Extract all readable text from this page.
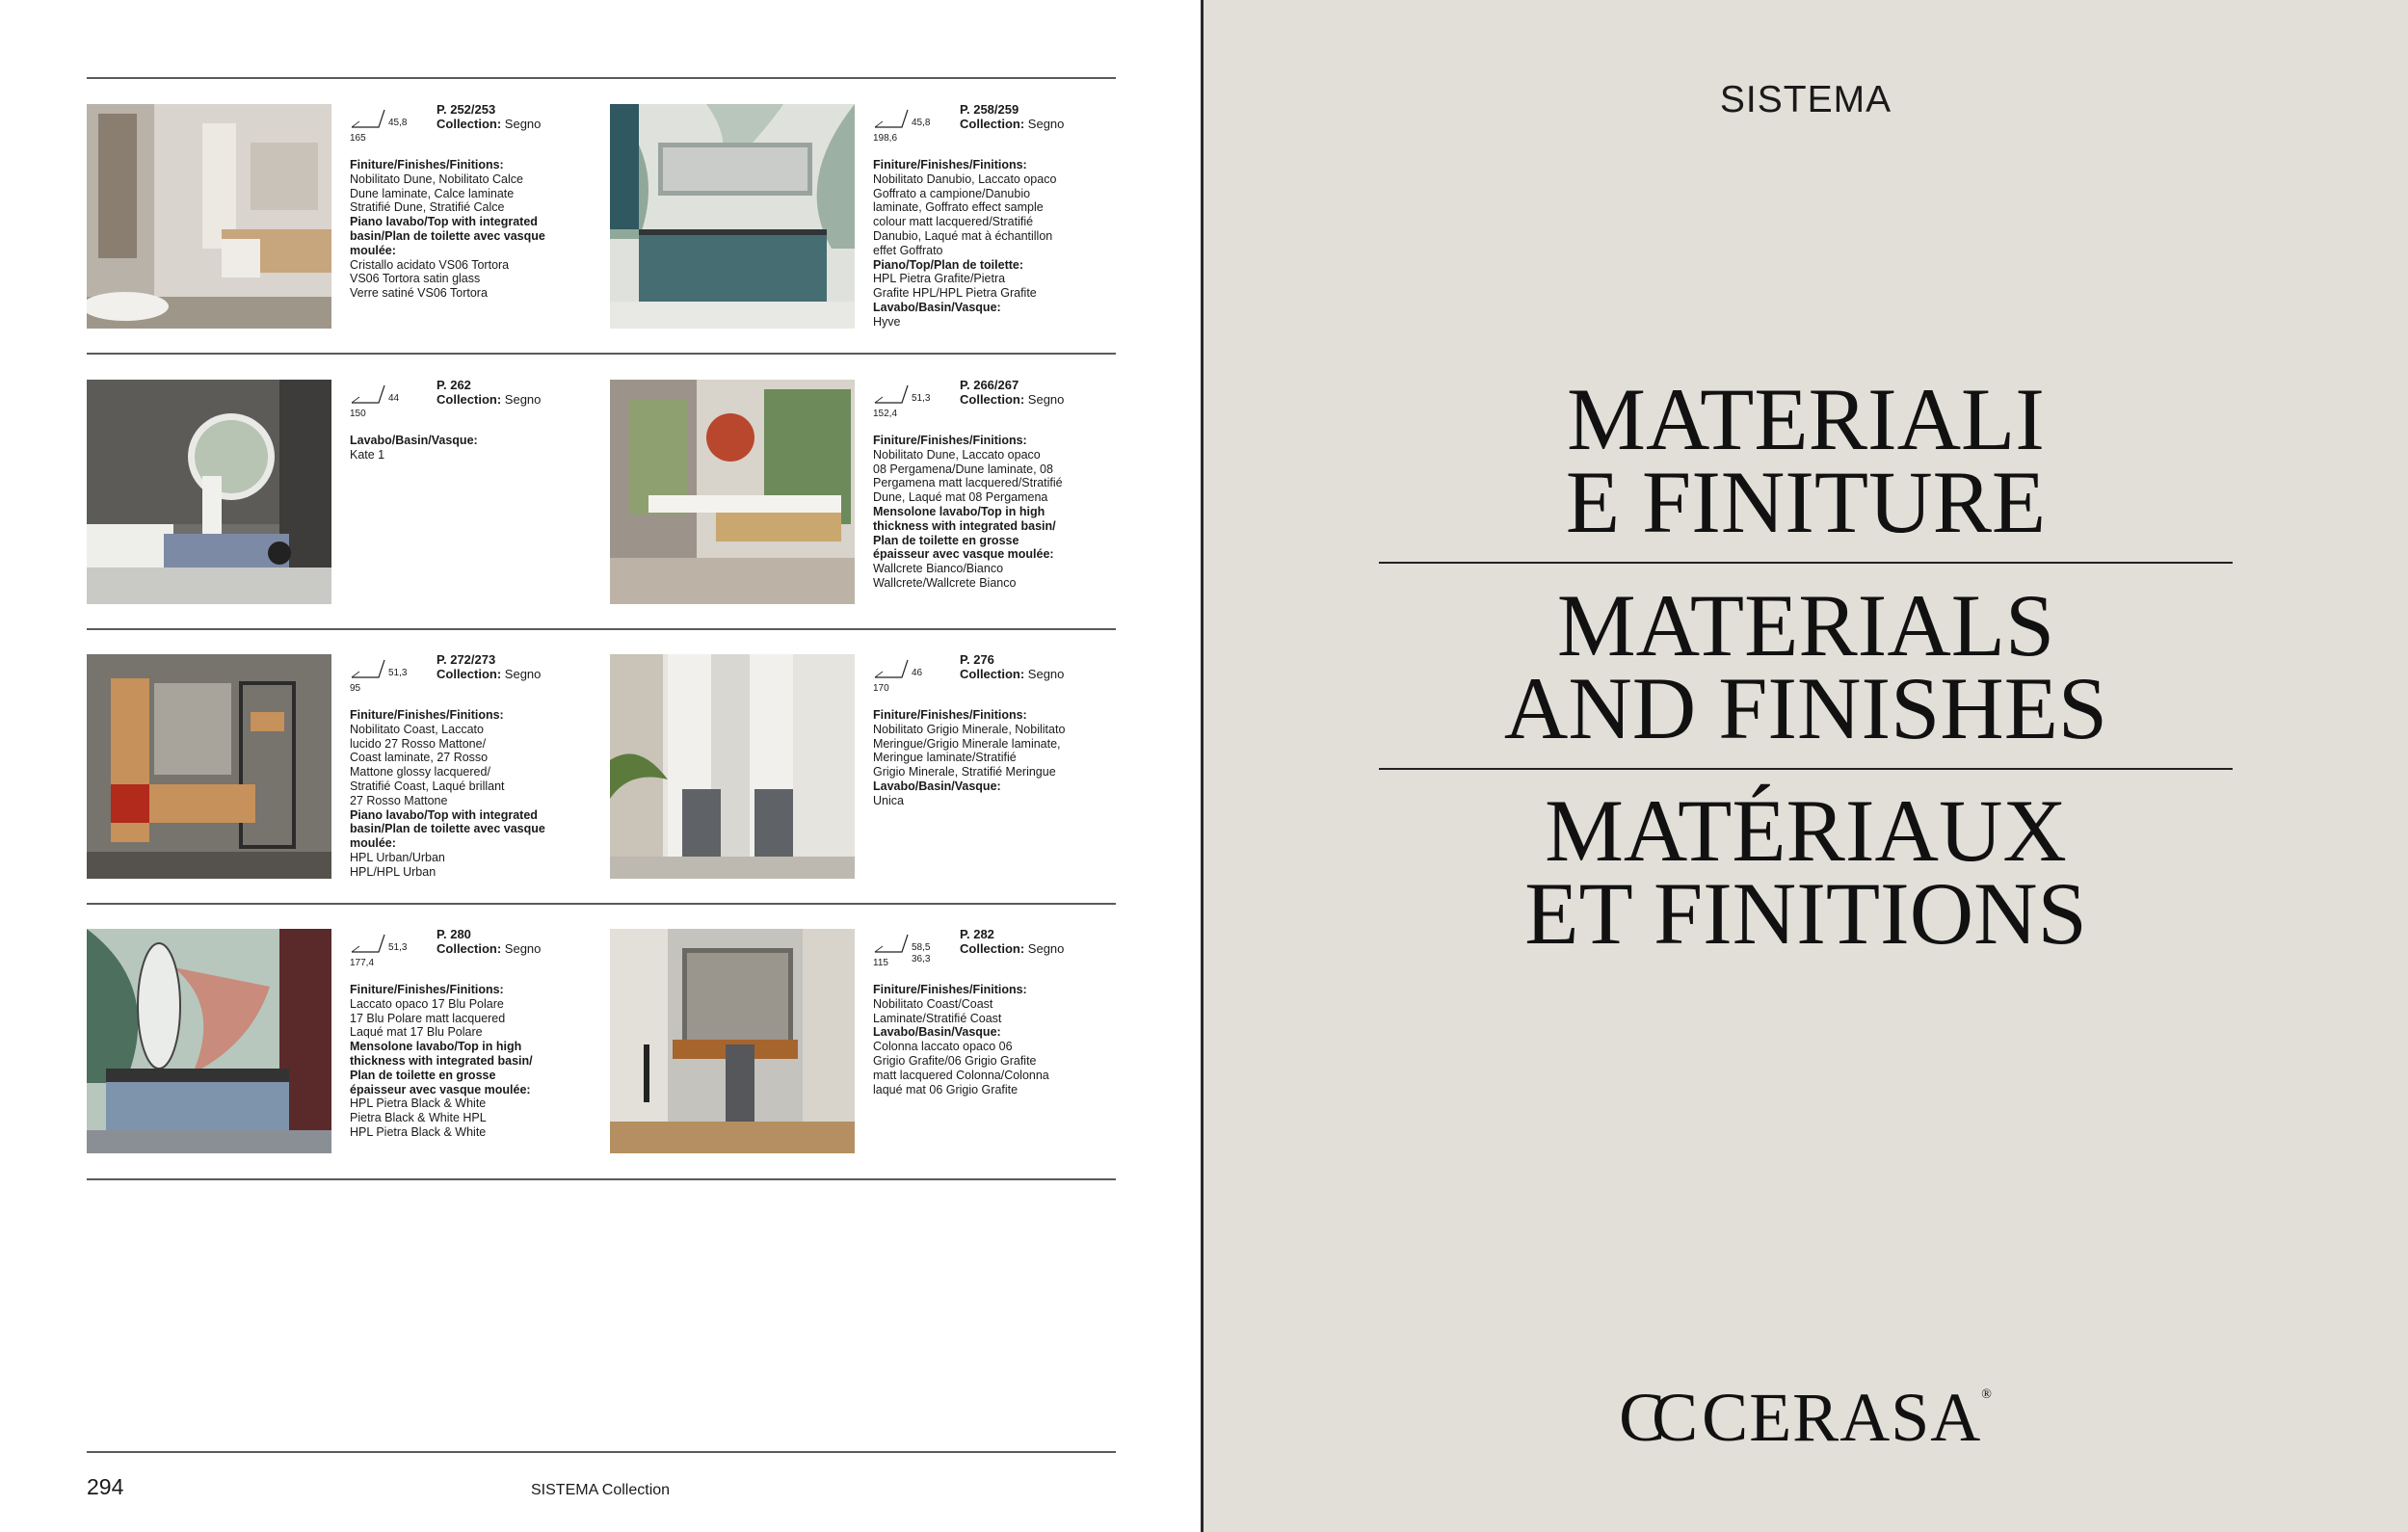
45,8
165
P. 252/253
Collection: Segno
Finiture/Finishes/Finitions:
Nobilitato Dune, Nobilitato Calce
Dune laminate, Calce laminate
Stratifié Dune, Stratifié Calce
Piano lavabo/Top with integrated
basin/Plan de toilette avec vasque
moulée:
Cristallo acidato VS06 Tortora
VS06 Tortora satin glass
Verre satiné VS06 Tortora
45,8
198,6
P. 258/259
Collection: Segno
Finiture/Finishes/Finitions:
Nobilitato Danubio, Laccato opaco
Goffrato a campione/Danubio
laminate, Goffrato effect sample
colour matt lacquered/Stratifié
Danubio, Laqué mat à échantillon
effet Goffrato
Piano/Top/Plan de toilette:
HPL Pietra Grafite/Pietra
Grafite HPL/HPL Pietra Grafite
Lavabo/Basin/Vasque:
Hyve
44
150
P. 262
Collection: Segno
Lavabo/Basin/Vasque:
Kate 1
51,3
152,4
P. 266/267
Collection: Segno
Finiture/Finishes/Finitions:
Nobilitato Dune, Laccato opaco
08 Pergamena/Dune laminate, 08
Pergamena matt lacquered/Stratifié
Dune, Laqué mat 08 Pergamena
Mensolone lavabo/Top in high
thickness with integrated basin/
Plan de toilette en grosse
épaisseur avec vasque moulée:
Wallcrete Bianco/Bianco
Wallcrete/Wallcrete Bianco
51,3
95
P. 272/273
Collection: Segno
Finiture/Finishes/Finitions:
Nobilitato Coast, Laccato
lucido 27 Rosso Mattone/
Coast laminate, 27 Rosso
Mattone glossy lacquered/
Stratifié Coast, Laqué brillant
27 Rosso Mattone
Piano lavabo/Top with integrated
basin/Plan de toilette avec vasque
moulée:
HPL Urban/Urban
HPL/HPL Urban
46
170
P. 276
Collection: Segno
Finiture/Finishes/Finitions:
Nobilitato Grigio Minerale, Nobilitato
Meringue/Grigio Minerale laminate,
Meringue laminate/Stratifié
Grigio Minerale, Stratifié Meringue
Lavabo/Basin/Vasque:
Unica
51,3
177,4
P. 280
Collection: Segno
Finiture/Finishes/Finitions:
Laccato opaco 17 Blu Polare
17 Blu Polare matt lacquered
Laqué mat 17 Blu Polare
Mensolone lavabo/Top in high
thickness with integrated basin/
Plan de toilette en grosse
épaisseur avec vasque moulée:
HPL Pietra Black & White
Pietra Black & White HPL
HPL Pietra Black & White
58,5
36,3
115
P. 282
Collection: Segno
Finiture/Finishes/Finitions:
Nobilitato Coast/Coast
Laminate/Stratifié Coast
Lavabo/Basin/Vasque:
Colonna laccato opaco 06
Grigio Grafite/06 Grigio Grafite
matt lacquered Colonna/Colonna
laqué mat 06 Grigio Grafite
294	SISTEMA Collection
SISTEMA
MATERIALI
E FINITURE
MATERIALS
AND FINISHES
MATÉRIAUX
ET FINITIONS
CC CERASA®
